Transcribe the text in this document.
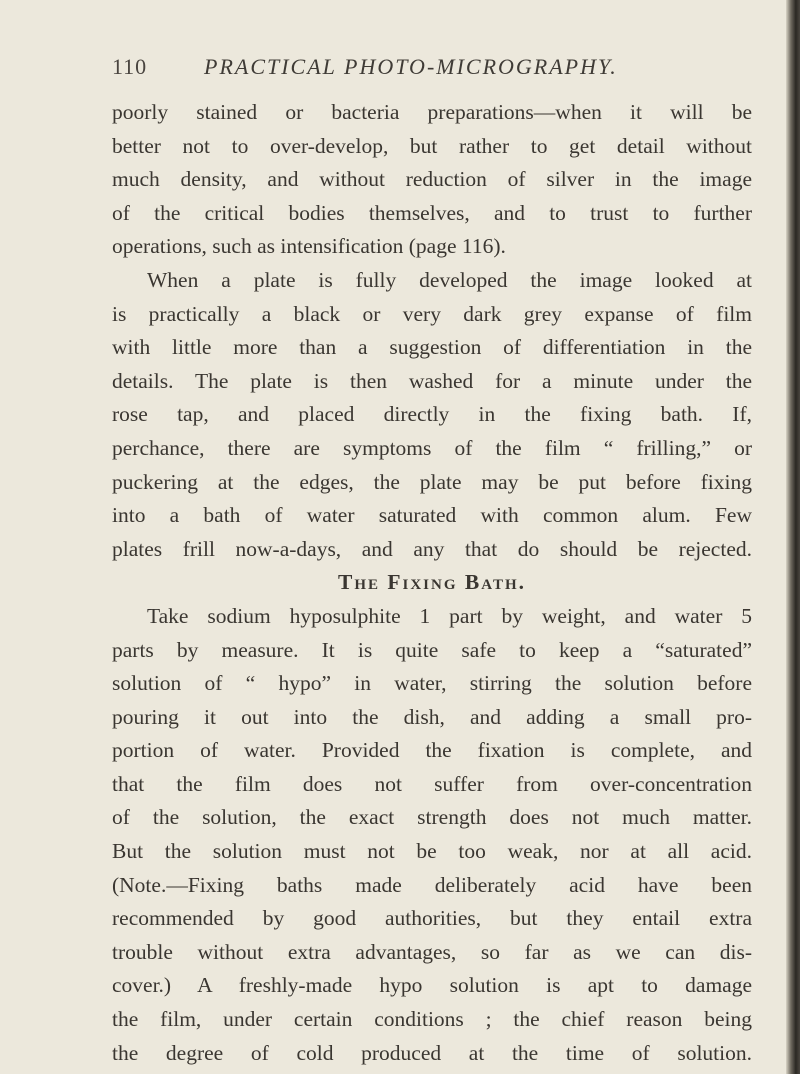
110	PRACTICAL PHOTO-MICROGRAPHY.

poorly stained or bacteria preparations—when it will be
better not to over-develop, but rather to get detail without
much density, and without reduction of silver in the image
of the critical bodies themselves, and to trust to further
operations, such as intensification (page 116).

When a plate is fully developed the image looked at
is practically a black or very dark grey expanse of film
with little more than a suggestion of differentiation in the
details. The plate is then washed for a minute under the
rose tap, and placed directly in the fixing bath. If,
perchance, there are symptoms of the film “ frilling,” or
puckering at the edges, the plate may be put before fixing
into a bath of water saturated with common alum. Few
plates frill now-a-days, and any that do should be rejected.

The Fixing Bath.

Take sodium hyposulphite 1 part by weight, and water 5
parts by measure. It is quite safe to keep a “saturated”
solution of “ hypo” in water, stirring the solution before
pouring it out into the dish, and adding a small pro-
portion of water. Provided the fixation is complete, and
that the film does not suffer from over-concentration
of the solution, the exact strength does not much matter.
But the solution must not be too weak, nor at all acid.
(Note.—Fixing baths made deliberately acid have been
recommended by good authorities, but they entail extra
trouble without extra advantages, so far as we can dis-
cover.) A freshly-made hypo solution is apt to damage
the film, under certain conditions ; the chief reason being
the degree of cold produced at the time of solution.
